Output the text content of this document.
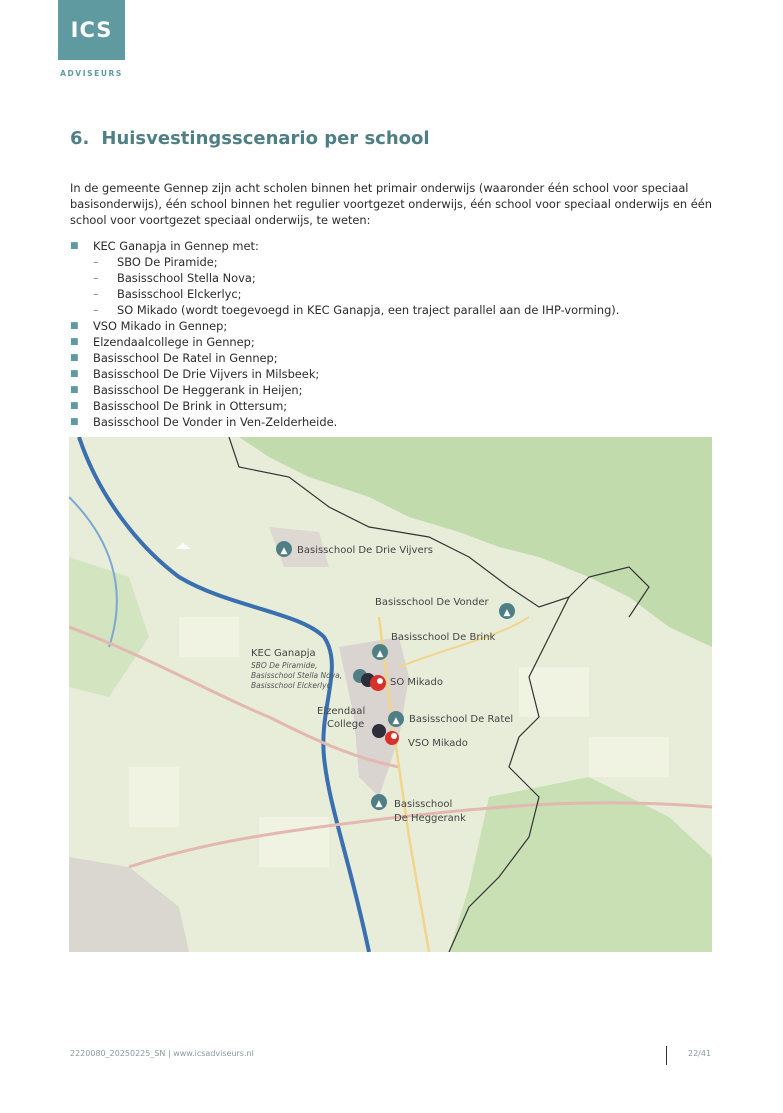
ICS
ADVISEURS
6. Huisvestingsscenario per school

In de gemeente Gennep zijn acht scholen binnen het primair onderwijs (waaronder één school voor speciaal basisonderwijs), één school binnen het regulier voortgezet onderwijs, één school voor speciaal onderwijs en één school voor voortgezet speciaal onderwijs, te weten:

■ KEC Ganapja in Gennep met:
– SBO De Piramide;
– Basisschool Stella Nova;
– Basisschool Elckerlyc;
– SO Mikado (wordt toegevoegd in KEC Ganapja, een traject parallel aan de IHP-vorming).
■ VSO Mikado in Gennep;
■ Elzendaalcollege in Gennep;
■ Basisschool De Ratel in Gennep;
■ Basisschool De Drie Vijvers in Milsbeek;
■ Basisschool De Heggerank in Heijen;
■ Basisschool De Brink in Ottersum;
■ Basisschool De Vonder in Ven-Zelderheide.
▲ Basisschool De Drie Vijvers
▲
Basisschool De Vonder
▲
Basisschool De Brink
KEC Ganapja
SBO De Piramide,
Basisschool Stella Nova,
Basisschool Elckerlyc	SO Mikado
Elzendaal
College	▲ Basisschool De Ratel
VSO Mikado
▲ Basisschool
De Heggerank
2220080_20250225_SN | www.icsadviseurs.nl	22/41
